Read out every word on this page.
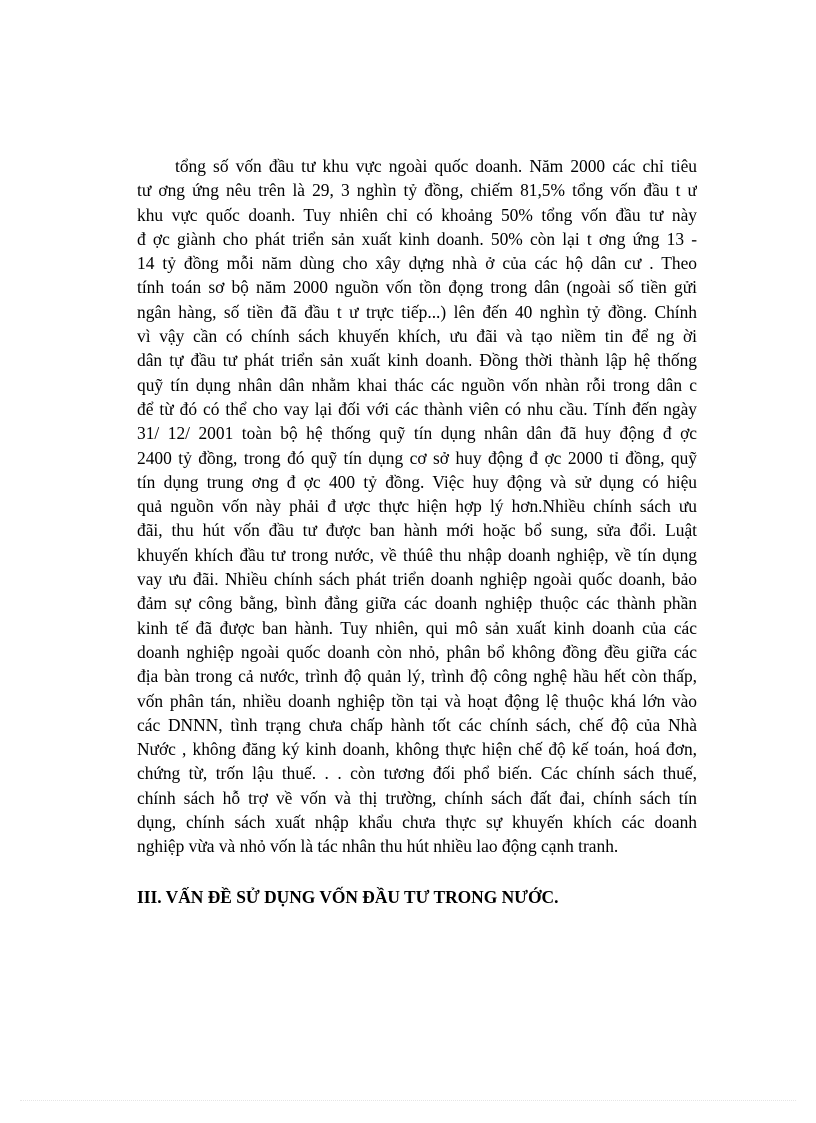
tổng số vốn đầu tư khu vực ngoài quốc doanh. Năm 2000 các chỉ tiêu
tư ơng ứng nêu trên là 29, 3 nghìn tỷ đồng, chiếm 81,5% tổng vốn đầu t ư
khu vực quốc doanh. Tuy nhiên chỉ có khoảng 50% tổng vốn đầu tư này
đ ợc giành cho phát triển sản xuất kinh doanh. 50% còn lại t ơng ứng 13 -
14 tỷ đồng mỗi năm dùng cho xây dựng nhà ở của các hộ dân cư . Theo
tính toán sơ bộ năm 2000 nguồn vốn tồn đọng trong dân (ngoài số tiền gửi
ngân hàng, số tiền đã đầu t ư trực tiếp...) lên đến 40 nghìn tỷ đồng. Chính
vì vậy cần có chính sách khuyến khích, ưu đãi và tạo niềm tin để ng ời
dân tự đầu tư phát triển sản xuất kinh doanh. Đồng thời thành lập hệ thống
quỹ tín dụng nhân dân nhằm khai thác các nguồn vốn nhàn rỗi trong dân c
để từ đó có thể cho vay lại đối với các thành viên có nhu cầu. Tính đến ngày
31/ 12/ 2001 toàn bộ hệ thống quỹ tín dụng nhân dân đã huy động đ ợc
2400 tỷ đồng, trong đó quỹ tín dụng cơ sở huy động đ ợc 2000 tỉ đồng, quỹ
tín dụng trung ơng đ ợc 400 tỷ đồng. Việc huy động và sử dụng có hiệu
quả nguồn vốn này phải đ ược thực hiện hợp lý hơn.Nhiều chính sách ưu
đãi, thu hút vốn đầu tư được ban hành mới hoặc bổ sung, sửa đổi. Luật
khuyến khích đầu tư trong nước, về thúê thu nhập doanh nghiệp, về tín dụng
vay ưu đãi. Nhiều chính sách phát triển doanh nghiệp ngoài quốc doanh, bảo
đảm sự công bằng, bình đẳng giữa các doanh nghiệp thuộc các thành phần
kinh tế đã được ban hành. Tuy nhiên, qui mô sản xuất kinh doanh của các
doanh nghiệp ngoài quốc doanh còn nhỏ, phân bổ không đồng đều giữa các
địa bàn trong cả nước, trình độ quản lý, trình độ công nghệ hầu hết còn thấp,
vốn phân tán, nhiều doanh nghiệp tồn tại và hoạt động lệ thuộc khá lớn vào
các DNNN, tình trạng chưa chấp hành tốt các chính sách, chế độ của Nhà
Nước , không đăng ký kinh doanh, không thực hiện chế độ kế toán, hoá đơn,
chứng từ, trốn lậu thuế. . . còn tương đối phổ biến. Các chính sách thuế,
chính sách hỗ trợ về vốn và thị trường, chính sách đất đai, chính sách tín
dụng, chính sách xuất nhập khẩu chưa thực sự khuyến khích các doanh
nghiệp vừa và nhỏ vốn là tác nhân thu hút nhiều lao động cạnh tranh.
III. VẤN ĐỀ SỬ DỤNG VỐN ĐẦU TƯ TRONG NƯỚC.
